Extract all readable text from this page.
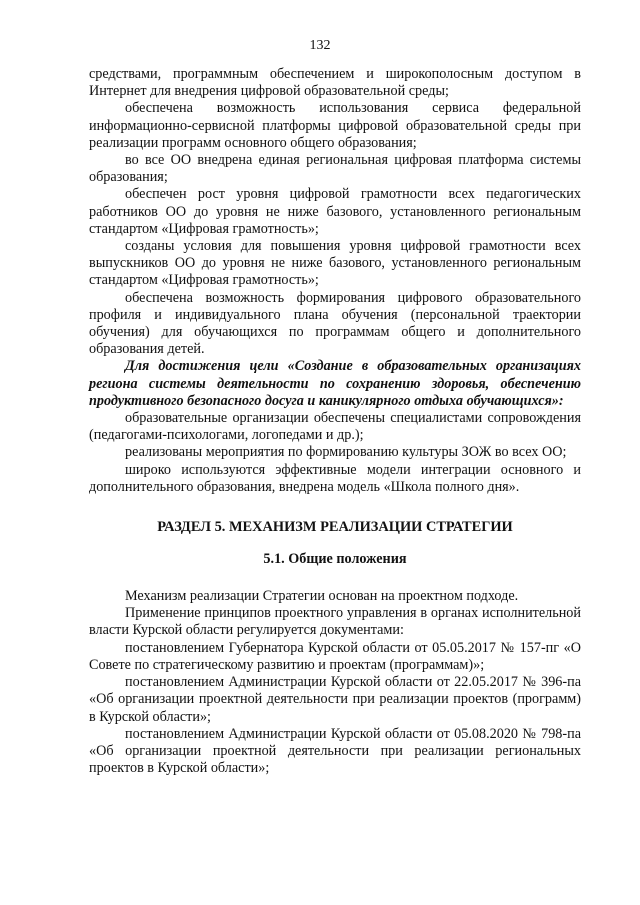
132

средствами, программным обеспечением и широкополосным доступом в Интернет для внедрения цифровой образовательной среды;

обеспечена возможность использования сервиса федеральной информационно-сервисной платформы цифровой образовательной среды при реализации программ основного общего образования;

во все ОО внедрена единая региональная цифровая платформа системы образования;

обеспечен рост уровня цифровой грамотности всех педагогических работников ОО до уровня не ниже базового, установленного региональным стандартом «Цифровая грамотность»;

созданы условия для повышения уровня цифровой грамотности всех выпускников ОО до уровня не ниже базового, установленного региональным стандартом «Цифровая грамотность»;

обеспечена возможность формирования цифрового образовательного профиля и индивидуального плана обучения (персональной траектории обучения) для обучающихся по программам общего и дополнительного образования детей.

Для достижения цели «Создание в образовательных организациях региона системы деятельности по сохранению здоровья, обеспечению продуктивного безопасного досуга и каникулярного отдыха обучающихся»:

образовательные организации обеспечены специалистами сопровождения (педагогами-психологами, логопедами и др.);

реализованы мероприятия по формированию культуры ЗОЖ во всех ОО;

широко используются эффективные модели интеграции основного и дополнительного образования, внедрена модель «Школа полного дня».

РАЗДЕЛ 5. МЕХАНИЗМ РЕАЛИЗАЦИИ СТРАТЕГИИ
5.1. Общие положения

Механизм реализации Стратегии основан на проектном подходе.

Применение принципов проектного управления в органах исполнительной власти Курской области регулируется документами:

постановлением Губернатора Курской области от 05.05.2017 № 157-пг «О Совете по стратегическому развитию и проектам (программам)»;

постановлением Администрации Курской области от 22.05.2017 № 396-па «Об организации проектной деятельности при реализации проектов (программ) в Курской области»;

постановлением Администрации Курской области от 05.08.2020 № 798-па «Об организации проектной деятельности при реализации региональных проектов в Курской области»;
